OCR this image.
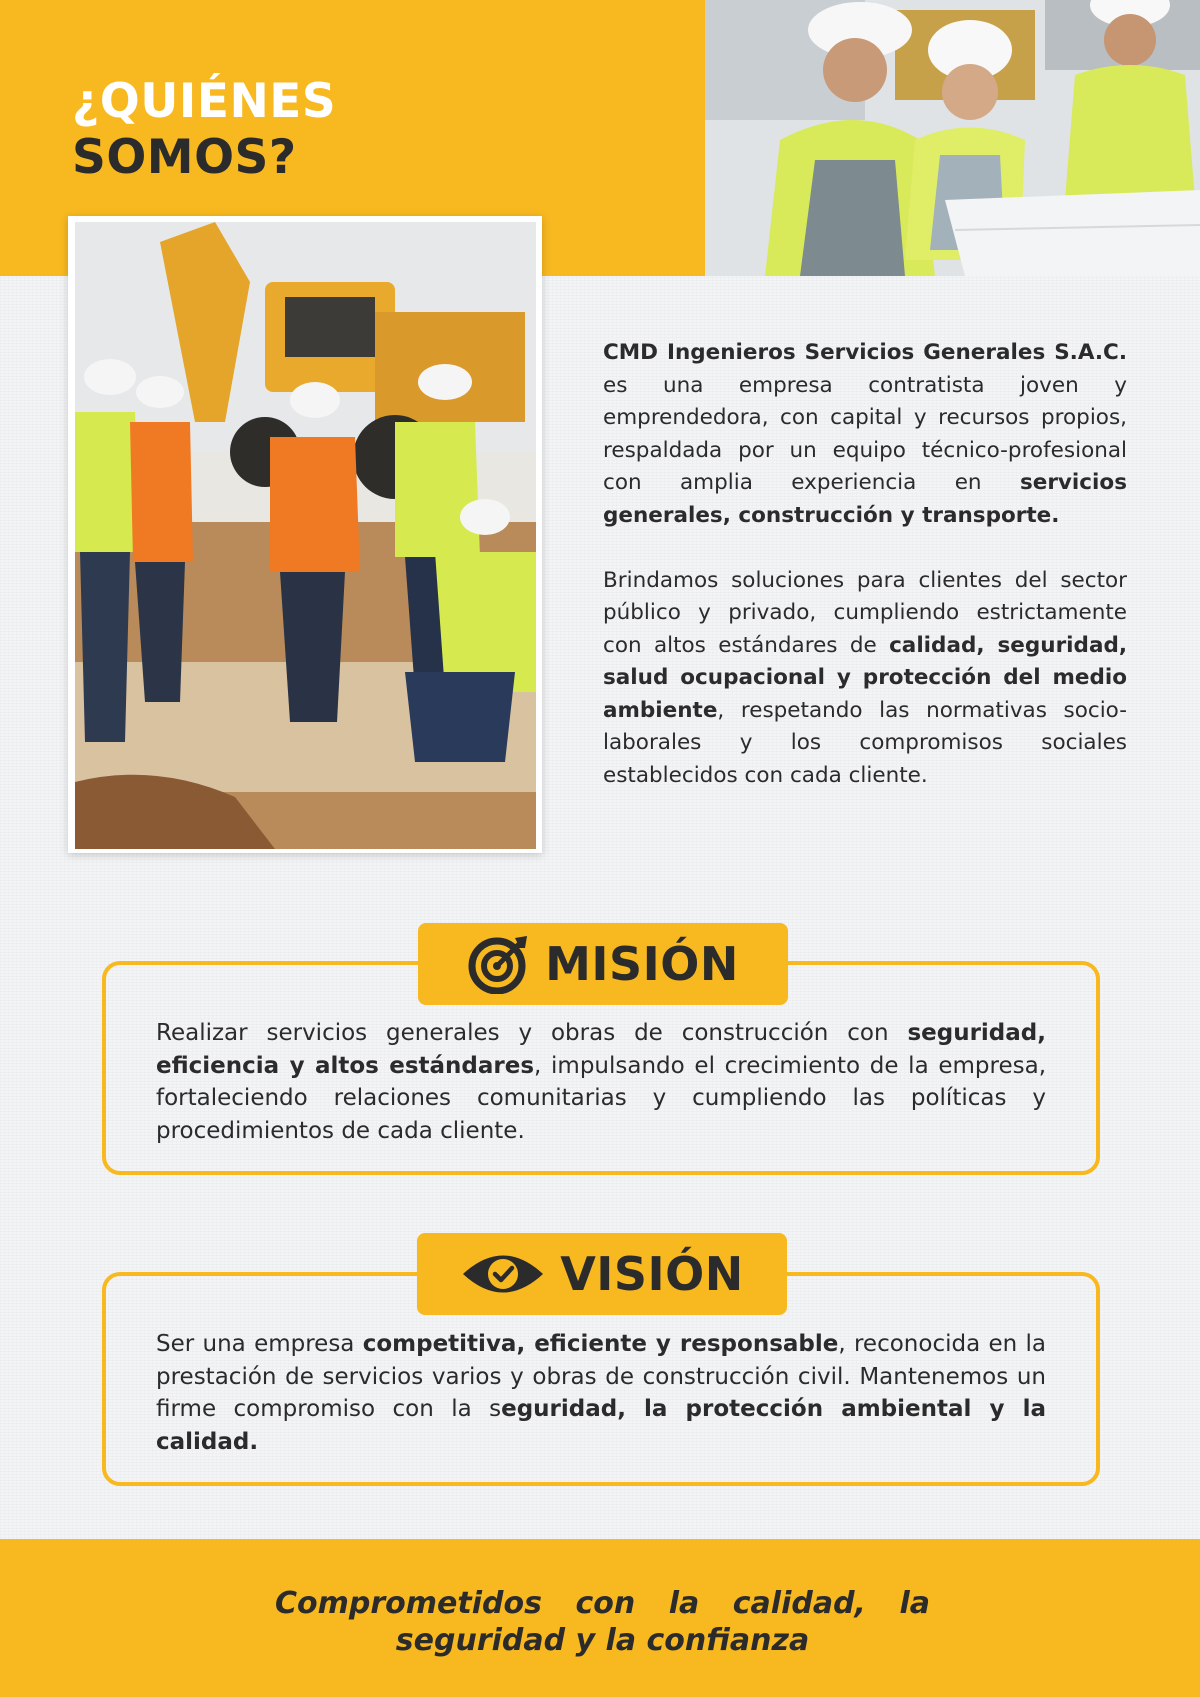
¿QUIÉNES
SOMOS?

CMD Ingenieros Servicios Generales S.A.C. es una empresa contratista joven y emprendedora, con capital y recursos propios, respaldada por un equipo técnico-profesional con amplia experiencia en servicios generales, construcción y transporte.

Brindamos soluciones para clientes del sector público y privado, cumpliendo estrictamente con altos estándares de calidad, seguridad, salud ocupacional y protección del medio ambiente, respetando las normativas socio-laborales y los compromisos sociales establecidos con cada cliente.

Realizar servicios generales y obras de construcción con seguridad, eficiencia y altos estándares, impulsando el crecimiento de la empresa, fortaleciendo relaciones comunitarias y cumpliendo las políticas y procedimientos de cada cliente.
MISIÓN
Ser una empresa competitiva, eficiente y responsable, reconocida en la prestación de servicios varios y obras de construcción civil. Mantenemos un firme compromiso con la seguridad, la protección ambiental y la calidad.
VISIÓN

Comprometidos con la calidad, la
seguridad y la confianza
